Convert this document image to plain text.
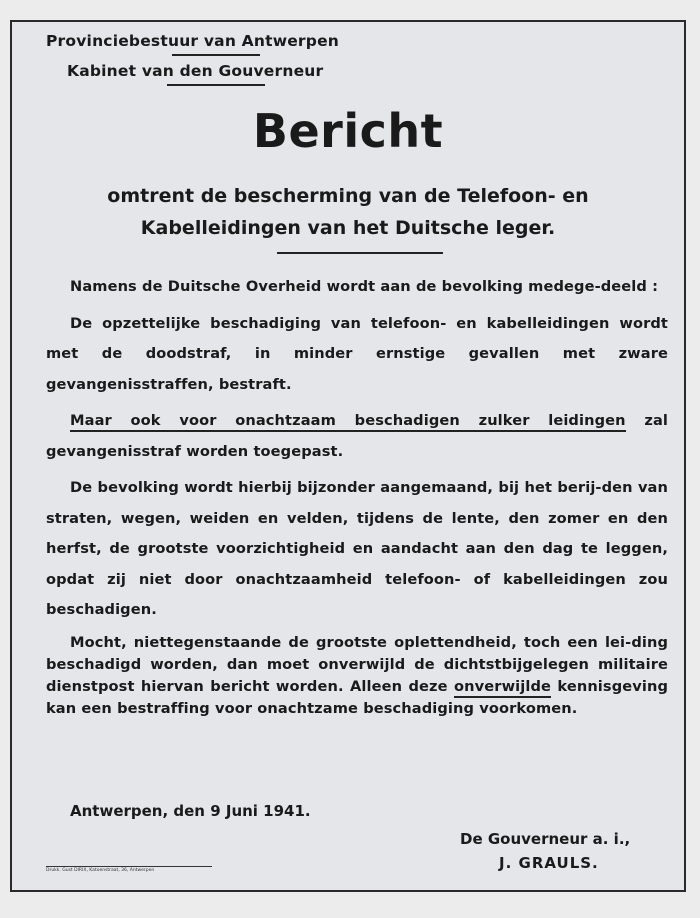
Provinciebestuur van Antwerpen
Kabinet van den Gouverneur
Bericht
omtrent de bescherming van de Telefoon- en
Kabelleidingen van het Duitsche leger.

Namens de Duitsche Overheid wordt aan de bevolking medege-deeld :

De opzettelijke beschadiging van telefoon- en kabelleidingen wordt met de doodstraf, in minder ernstige gevallen met zware gevangenisstraffen, bestraft.

Maar ook voor onachtzaam beschadigen zulker leidingen zal gevangenisstraf worden toegepast.

De bevolking wordt hierbij bijzonder aangemaand, bij het berij-den van straten, wegen, weiden en velden, tijdens de lente, den zomer en den herfst, de grootste voorzichtigheid en aandacht aan den dag te leggen, opdat zij niet door onachtzaamheid telefoon- of kabelleidingen zou beschadigen.

Mocht, niettegenstaande de grootste oplettendheid, toch een lei-ding beschadigd worden, dan moet onverwijld de dichtstbijgelegen militaire dienstpost hiervan bericht worden. Alleen deze onverwijlde kennisgeving kan een bestraffing voor onachtzame beschadiging voorkomen.

Antwerpen, den 9 Juni 1941.
De Gouverneur a. i.,
J. GRAULS.
Drukk. Gust DIRIX, Katoenstraat, 36, Antwerpen
